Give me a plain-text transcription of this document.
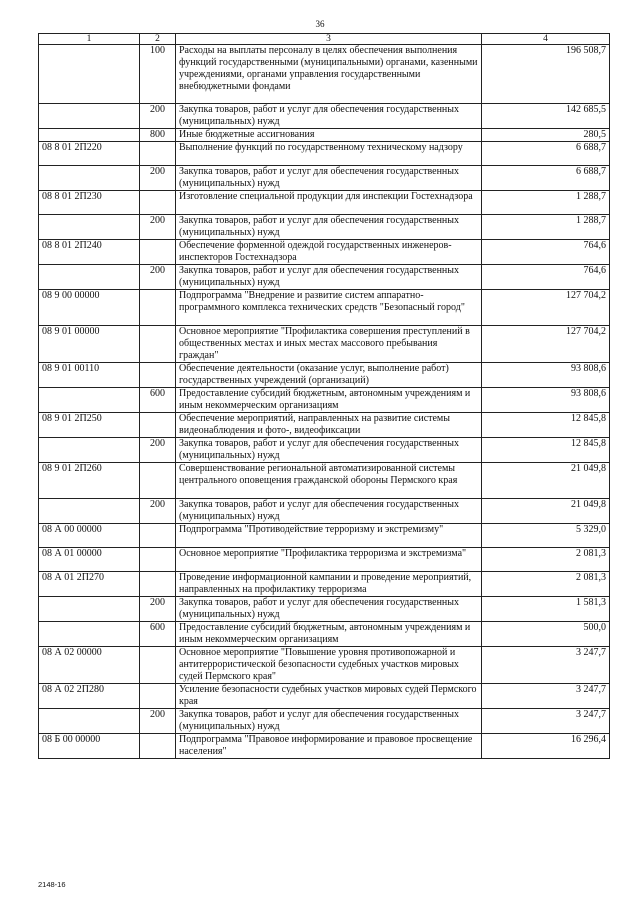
36
1	2	3	4
	100	Расходы на выплаты персоналу в целях обеспечения выполнения функций государственными (муниципальными) органами, казенными учреждениями, органами управления государственными внебюджетными фондами	196 508,7
	200	Закупка товаров, работ и услуг для обеспечения государственных (муниципальных) нужд	142 685,5
	800	Иные бюджетные ассигнования	280,5
08 8 01 2П220		Выполнение функций по государственному техническому надзору	6 688,7
	200	Закупка товаров, работ и услуг для обеспечения государственных (муниципальных) нужд	6 688,7
08 8 01 2П230		Изготовление специальной продукции для инспекции Гостехнадзора	1 288,7
	200	Закупка товаров, работ и услуг для обеспечения государственных (муниципальных) нужд	1 288,7
08 8 01 2П240		Обеспечение форменной одеждой государственных инженеров-инспекторов Гостехнадзора	764,6
	200	Закупка товаров, работ и услуг для обеспечения государственных (муниципальных) нужд	764,6
08 9 00 00000		Подпрограмма "Внедрение и развитие систем аппаратно-программного комплекса технических средств "Безопасный город"	127 704,2
08 9 01 00000		Основное мероприятие "Профилактика совершения преступлений в общественных местах и иных местах массового пребывания граждан"	127 704,2
08 9 01 00110		Обеспечение деятельности (оказание услуг, выполнение работ) государственных учреждений (организаций)	93 808,6
	600	Предоставление субсидий бюджетным, автономным учреждениям и иным некоммерческим организациям	93 808,6
08 9 01 2П250		Обеспечение мероприятий, направленных на развитие системы видеонаблюдения и фото-, видеофиксации	12 845,8
	200	Закупка товаров, работ и услуг для обеспечения государственных (муниципальных) нужд	12 845,8
08 9 01 2П260		Совершенствование региональной автоматизированной системы центрального оповещения гражданской обороны Пермского края	21 049,8
	200	Закупка товаров, работ и услуг для обеспечения государственных (муниципальных) нужд	21 049,8
08 А 00 00000		Подпрограмма "Противодействие терроризму и экстремизму"	5 329,0
08 А 01 00000		Основное мероприятие "Профилактика терроризма и экстремизма"	2 081,3
08 А 01 2П270		Проведение информационной кампании и проведение мероприятий, направленных на профилактику терроризма	2 081,3
	200	Закупка товаров, работ и услуг для обеспечения государственных (муниципальных) нужд	1 581,3
	600	Предоставление субсидий бюджетным, автономным учреждениям и иным некоммерческим организациям	500,0
08 А 02 00000		Основное мероприятие "Повышение уровня противопожарной и антитеррористической безопасности судебных участков мировых судей Пермского края"	3 247,7
08 А 02 2П280		Усиление безопасности судебных участков мировых судей Пермского края	3 247,7
	200	Закупка товаров, работ и услуг для обеспечения государственных (муниципальных) нужд	3 247,7
08 Б 00 00000		Подпрограмма "Правовое информирование и правовое просвещение населения"	16 296,4
2148-16
